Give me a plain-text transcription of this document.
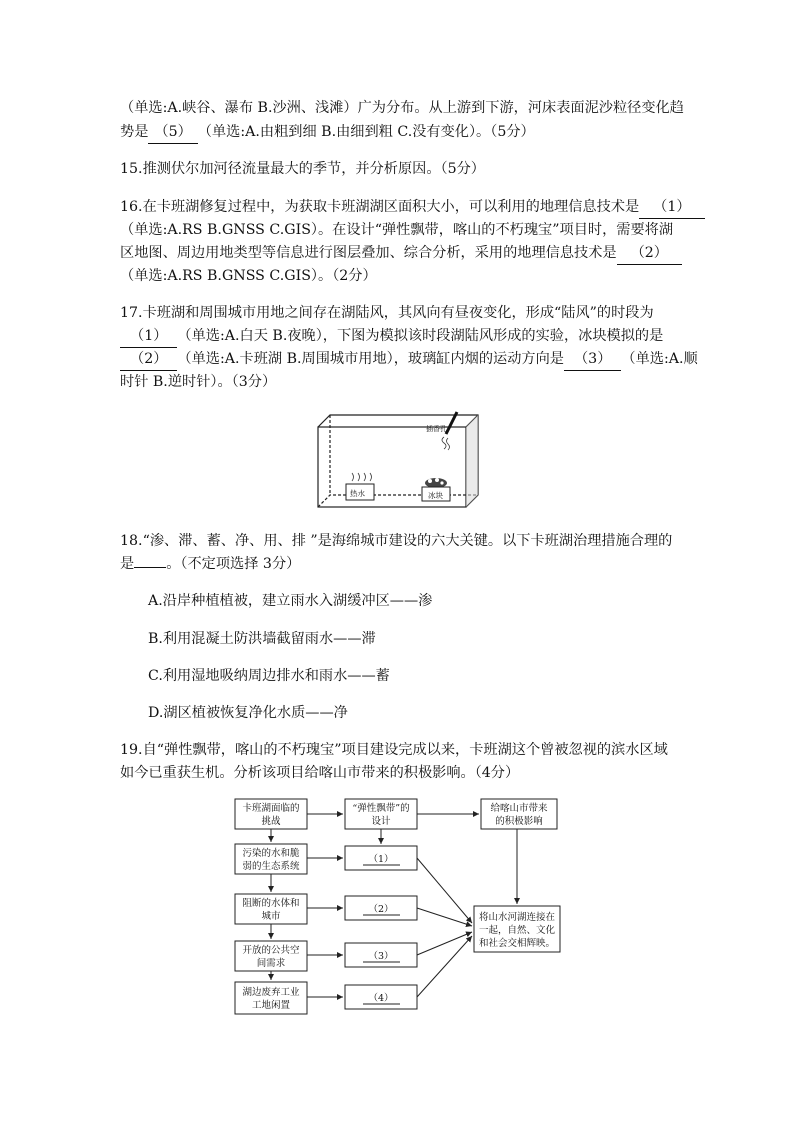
（单选:A.峡谷、瀑布 B.沙洲、浅滩）广为分布。从上游到下游，河床表面泥沙粒径变化趋
势是 （5） （单选:A.由粗到细 B.由细到粗 C.没有变化）。（5分）
15.推测伏尔加河径流量最大的季节，并分析原因。（5分）
16.在卡班湖修复过程中，为获取卡班湖湖区面积大小，可以利用的地理信息技术是 （1）
（单选:A.RS B.GNSS C.GIS）。在设计“弹性飘带，喀山的不朽瑰宝”项目时，需要将湖
区地图、周边用地类型等信息进行图层叠加、综合分析，采用的地理信息技术是 （2）
（单选:A.RS B.GNSS C.GIS）。（2分）
17.卡班湖和周围城市用地之间存在湖陆风，其风向有昼夜变化，形成“陆风”的时段为
（1） （单选:A.白天 B.夜晚），下图为模拟该时段湖陆风形成的实验，冰块模拟的是
（2） （单选:A.卡班湖 B.周围城市用地），玻璃缸内烟的运动方向是 （3） （单选:A.顺
时针 B.逆时针）。（3分）
插香孔
热水	冰块
18.“渗、滞、蓄、净、用、排 ”是海绵城市建设的六大关键。以下卡班湖治理措施合理的
是 。（不定项选择 3分）
A.沿岸种植植被，建立雨水入湖缓冲区——渗
B.利用混凝土防洪墙截留雨水——滞
C.利用湿地吸纳周边排水和雨水——蓄
D.湖区植被恢复净化水质——净
19.自“弹性飘带，喀山的不朽瑰宝”项目建设完成以来，卡班湖这个曾被忽视的滨水区域
如今已重获生机。分析该项目给喀山市带来的积极影响。（4分）
卡班湖面临的
挑战
“弹性飘带”的
设计
给喀山市带来
的积极影响
污染的水和脆
弱的生态系统
阻断的水体和
城市
开放的公共空
间需求
湖边废弃工业
工地闲置
（1）
（2）
（3）
（4）
将山水河湖连接在
一起，自然、文化
和社会交相辉映。
